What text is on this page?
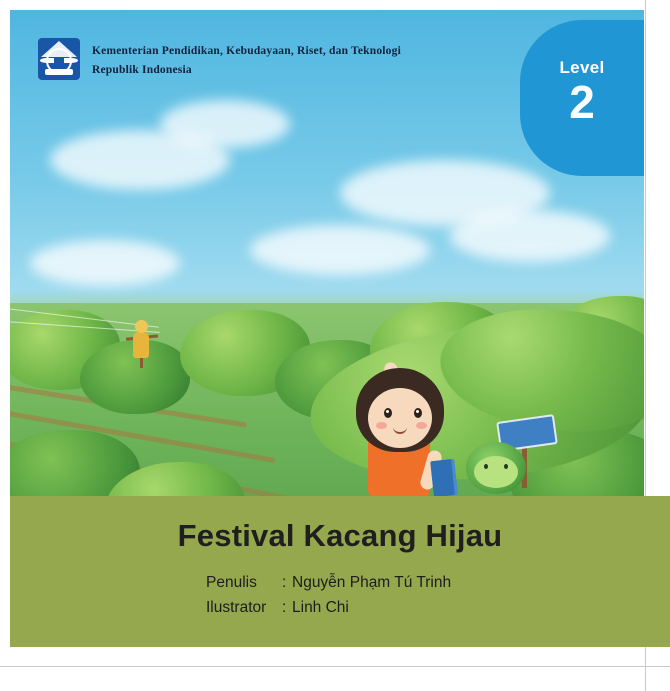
Kementerian Pendidikan, Kebudayaan, Riset, dan Teknologi
Republik Indonesia	Level
2
Festival Kacang Hijau
Penulis	: Nguyễn Phạm Tú Trinh
Ilustrator	: Linh Chi
